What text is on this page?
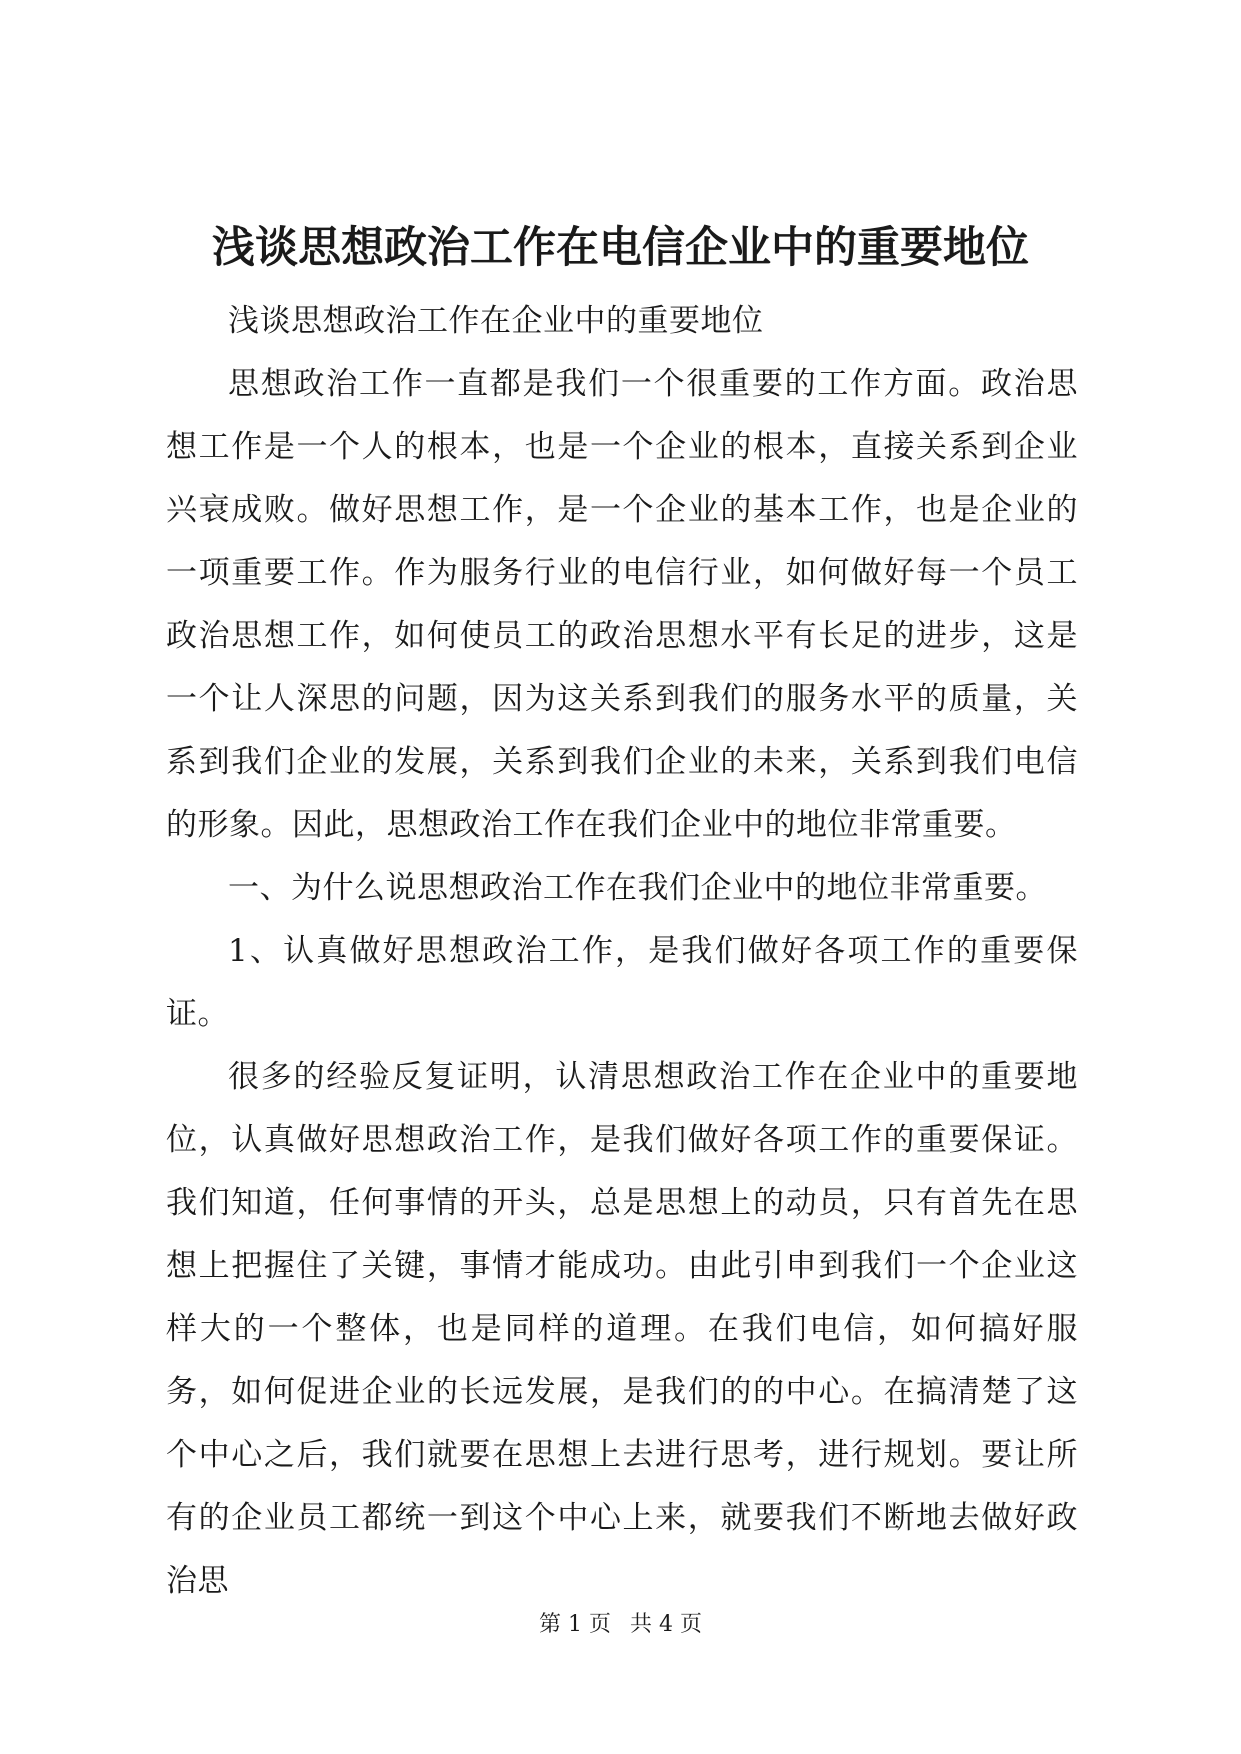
浅谈思想政治工作在电信企业中的重要地位

浅谈思想政治工作在企业中的重要地位

思想政治工作一直都是我们一个很重要的工作方面。政治思想工作是一个人的根本，也是一个企业的根本，直接关系到企业兴衰成败。做好思想工作，是一个企业的基本工作，也是企业的一项重要工作。作为服务行业的电信行业，如何做好每一个员工政治思想工作，如何使员工的政治思想水平有长足的进步，这是一个让人深思的问题，因为这关系到我们的服务水平的质量，关系到我们企业的发展，关系到我们企业的未来，关系到我们电信的形象。因此，思想政治工作在我们企业中的地位非常重要。

一、为什么说思想政治工作在我们企业中的地位非常重要。

1、认真做好思想政治工作，是我们做好各项工作的重要保证。

很多的经验反复证明，认清思想政治工作在企业中的重要地位，认真做好思想政治工作，是我们做好各项工作的重要保证。我们知道，任何事情的开头，总是思想上的动员，只有首先在思想上把握住了关键，事情才能成功。由此引申到我们一个企业这样大的一个整体，也是同样的道理。在我们电信，如何搞好服务，如何促进企业的长远发展，是我们的的中心。在搞清楚了这个中心之后，我们就要在思想上去进行思考，进行规划。要让所有的企业员工都统一到这个中心上来，就要我们不断地去做好政治思

第 1 页 共 4 页
